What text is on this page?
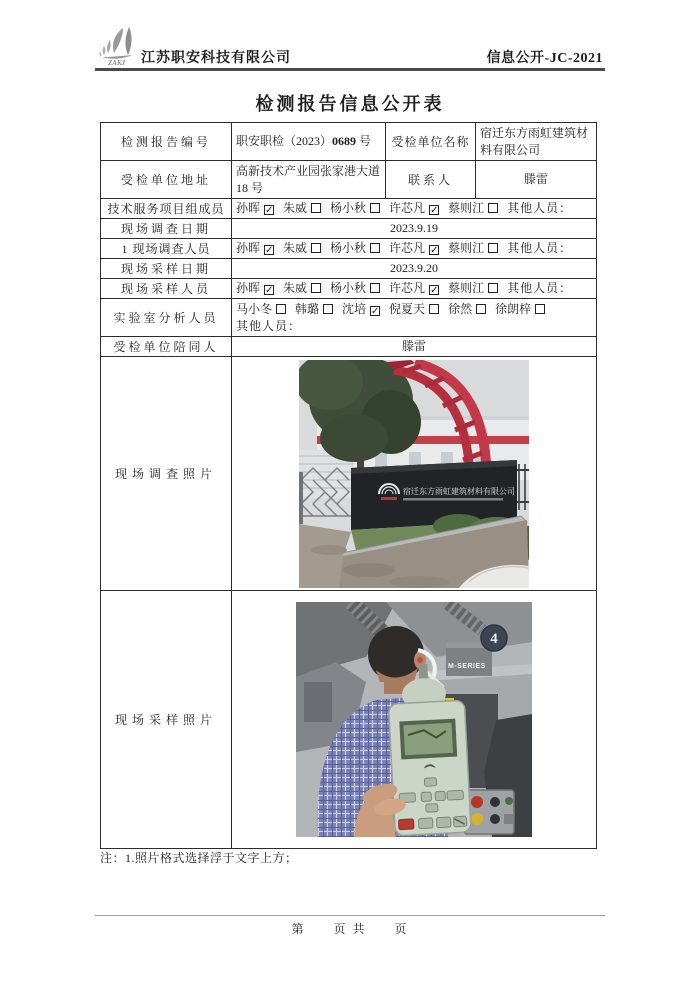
ZAKJ 江苏职安科技有限公司	信息公开-JC-2021
检测报告信息公开表
检测报告编号	职安职检（2023）0689 号	受检单位名称	宿迁东方雨虹建筑材料有限公司
受检单位地址	高新技术产业园张家港大道18 号	联系人	滕雷
技术服务项目组成员	孙晖 ✓ 朱威 杨小秋 许芯凡 ✓ 蔡则江 其他人员：		
现场调查日期	2023.9.19		
1 现场调查人员	孙晖 ✓ 朱威 杨小秋 许芯凡 ✓ 蔡则江 其他人员：		
现场采样日期	2023.9.20		
现场采样人员	孙晖 ✓ 朱威 杨小秋 许芯凡 ✓ 蔡则江 其他人员：		
实验室分析人员	马小冬 韩璐 沈培 ✓ 倪夏天 徐然 徐朗梓
其他人员：		

受检单位陪同人	滕雷		
现场调查照片	宿迁东方雨虹建筑材料有限公司		

现场采样照片	4
M-SERIES		
注：1.照片格式选择浮于文字上方；
第　　页 共　　页
